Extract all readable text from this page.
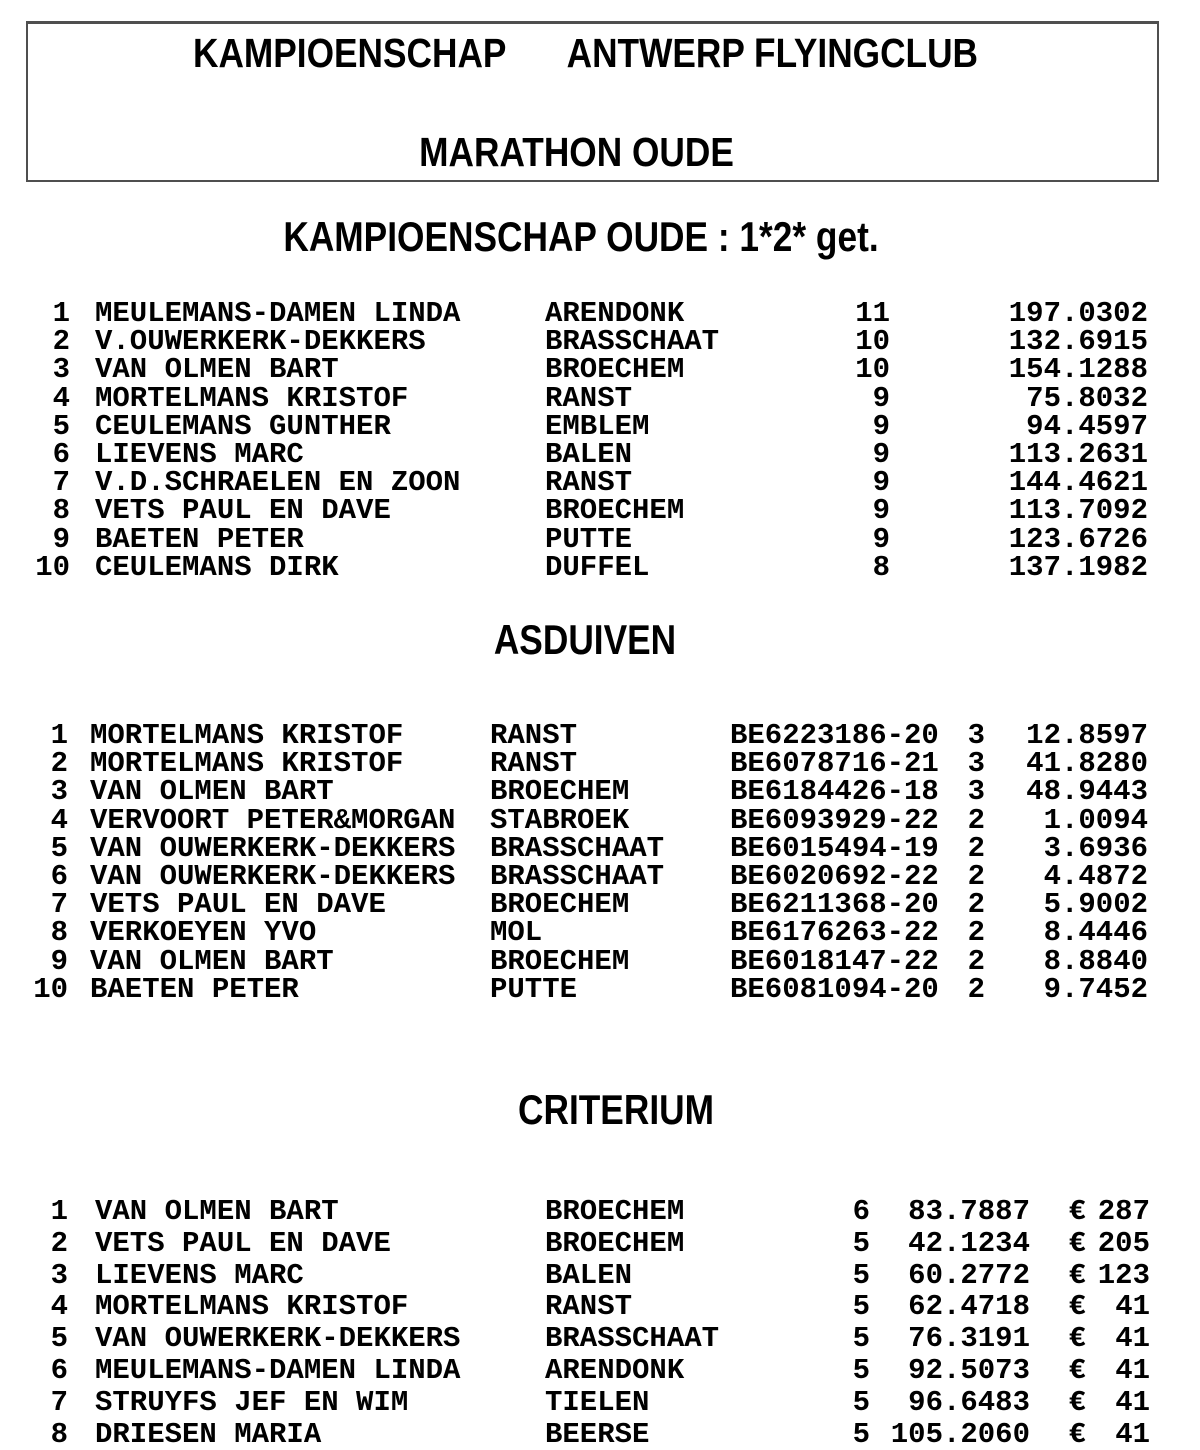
KAMPIOENSCHAP ANTWERP FLYINGCLUB
MARATHON OUDE
KAMPIOENSCHAP OUDE : 1*2* get.
1 MEULEMANS-DAMEN LINDA	ARENDONK	11	197.0302
2 V.OUWERKERK-DEKKERS	BRASSCHAAT	10	132.6915
3 VAN OLMEN BART	BROECHEM	10	154.1288
4 MORTELMANS KRISTOF	RANST	9	75.8032
5 CEULEMANS GUNTHER	EMBLEM	9	94.4597
6 LIEVENS MARC	BALEN	9	113.2631
7 V.D.SCHRAELEN EN ZOON	RANST	9	144.4621
8 VETS PAUL EN DAVE	BROECHEM	9	113.7092
9 BAETEN PETER	PUTTE	9	123.6726
10 CEULEMANS DIRK	DUFFEL	8	137.1982
ASDUIVEN
1 MORTELMANS KRISTOF	RANST	BE6223186-20 3	12.8597
2 MORTELMANS KRISTOF	RANST	BE6078716-21 3	41.8280
3 VAN OLMEN BART	BROECHEM	BE6184426-18 3	48.9443
4 VERVOORT PETER&MORGAN	STABROEK	BE6093929-22 2	1.0094
5 VAN OUWERKERK-DEKKERS	BRASSCHAAT	BE6015494-19 2	3.6936
6 VAN OUWERKERK-DEKKERS	BRASSCHAAT	BE6020692-22 2	4.4872
7 VETS PAUL EN DAVE	BROECHEM	BE6211368-20 2	5.9002
8 VERKOEYEN YVO	MOL	BE6176263-22 2	8.4446
9 VAN OLMEN BART	BROECHEM	BE6018147-22 2	8.8840
10 BAETEN PETER	PUTTE	BE6081094-20 2	9.7452
CRITERIUM
1 VAN OLMEN BART	BROECHEM	6	83.7887	€ 287
2 VETS PAUL EN DAVE	BROECHEM	5	42.1234	€ 205
3 LIEVENS MARC	BALEN	5	60.2772	€ 123
4 MORTELMANS KRISTOF	RANST	5	62.4718	€	41
5 VAN OUWERKERK-DEKKERS	BRASSCHAAT	5	76.3191	€	41
6 MEULEMANS-DAMEN LINDA	ARENDONK	5	92.5073	€	41
7 STRUYFS JEF EN WIM	TIELEN	5	96.6483	€	41
8 DRIESEN MARIA	BEERSE	5 105.2060	€	41
